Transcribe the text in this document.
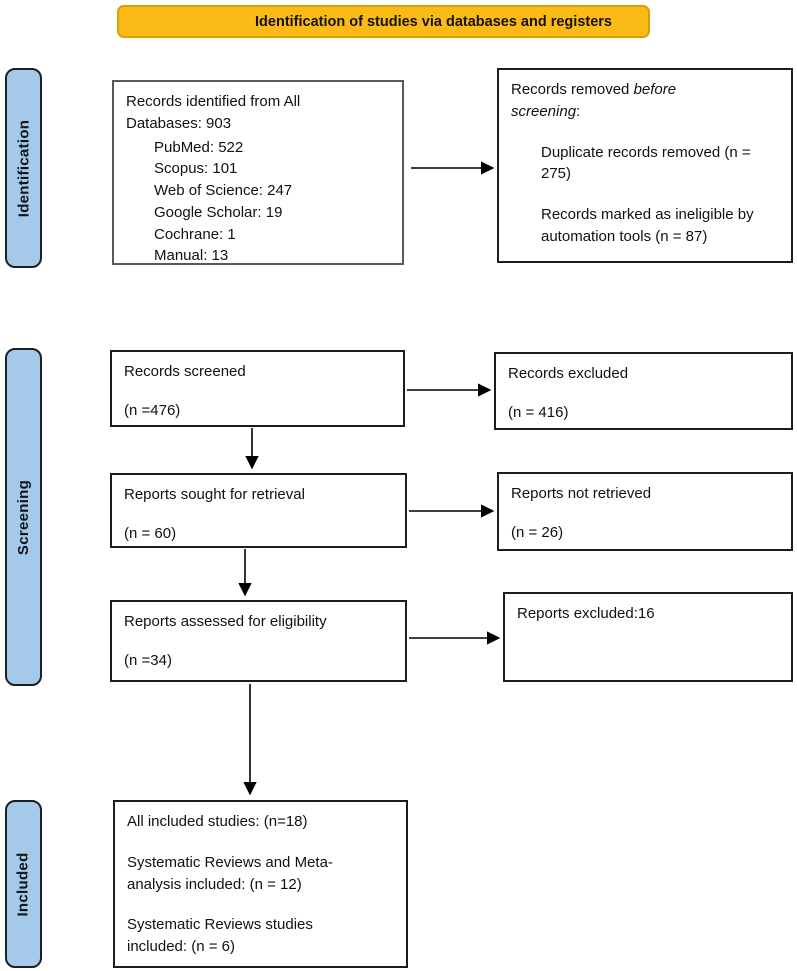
Identification of studies via databases and registers
Identification
Screening
Included
Records identified from All Databases: 903
PubMed: 522
Scopus: 101
Web of Science: 247
Google Scholar: 19
Cochrane: 1
Manual: 13
Records removed before screening:
Duplicate records removed (n = 275)
Records marked as ineligible by automation tools (n = 87)
Records screened
(n =476)
Records excluded
(n = 416)
Reports sought for retrieval
(n = 60)
Reports not retrieved
(n = 26)
Reports assessed for eligibility
(n =34)
Reports excluded:16

All included studies: (n=18)

Systematic Reviews and Meta-analysis included: (n = 12)

Systematic Reviews studies included: (n = 6)
